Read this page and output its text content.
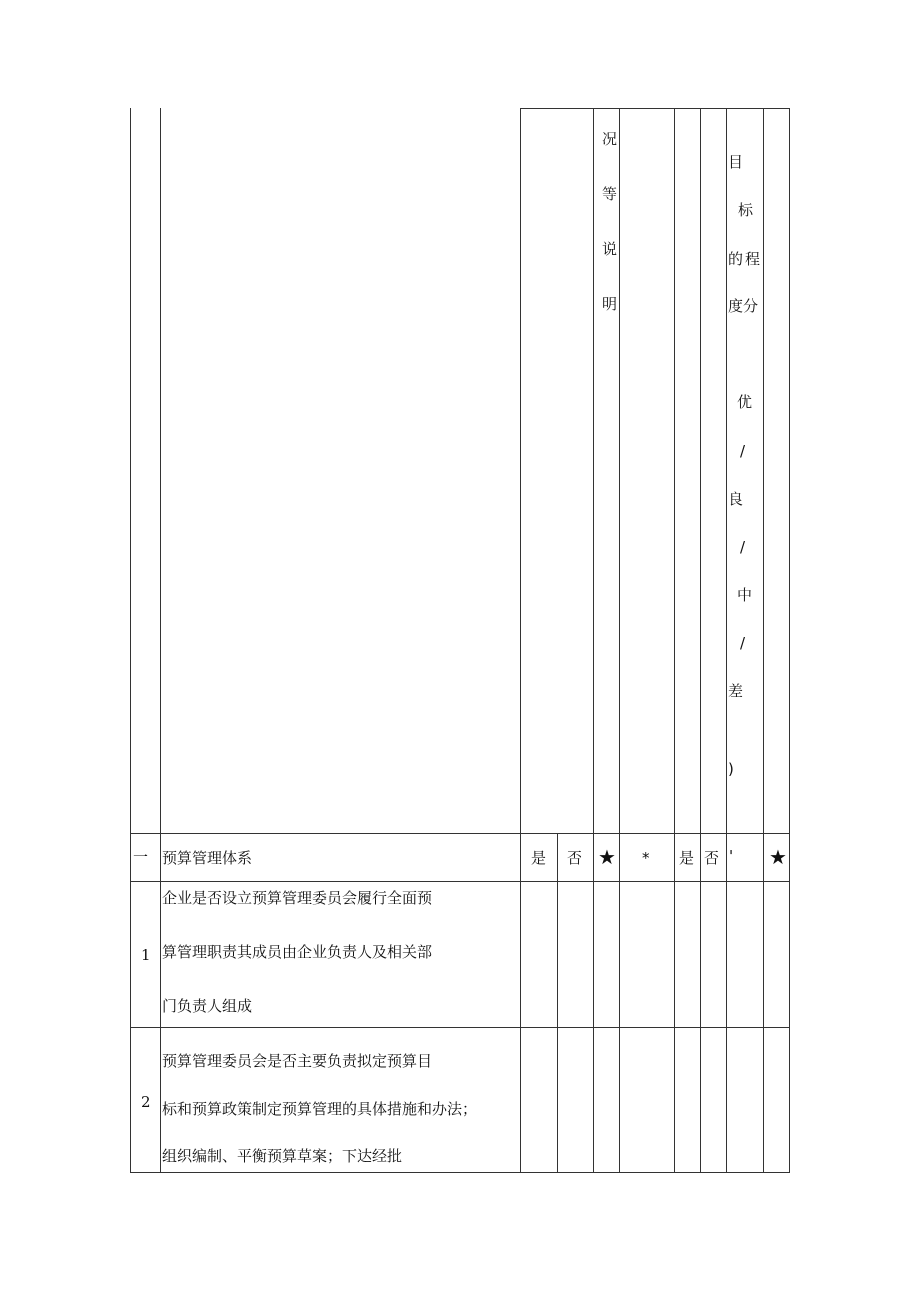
况
等
说
明
目
标
的 程
度 分
优
/
良
/
中
/
差
)
一 预算管理体系	是 否 ★ * 是 否 ' ★
1
企业是否设立预算管理委员会履行全面预
算管理职责其成员由企业负责人及相关部
门负责人组成
2
预算管理委员会是否主要负责拟定预算目
标和预算政策制定预算管理的具体措施和办法；
组织编制、平衡预算草案；下达经批
